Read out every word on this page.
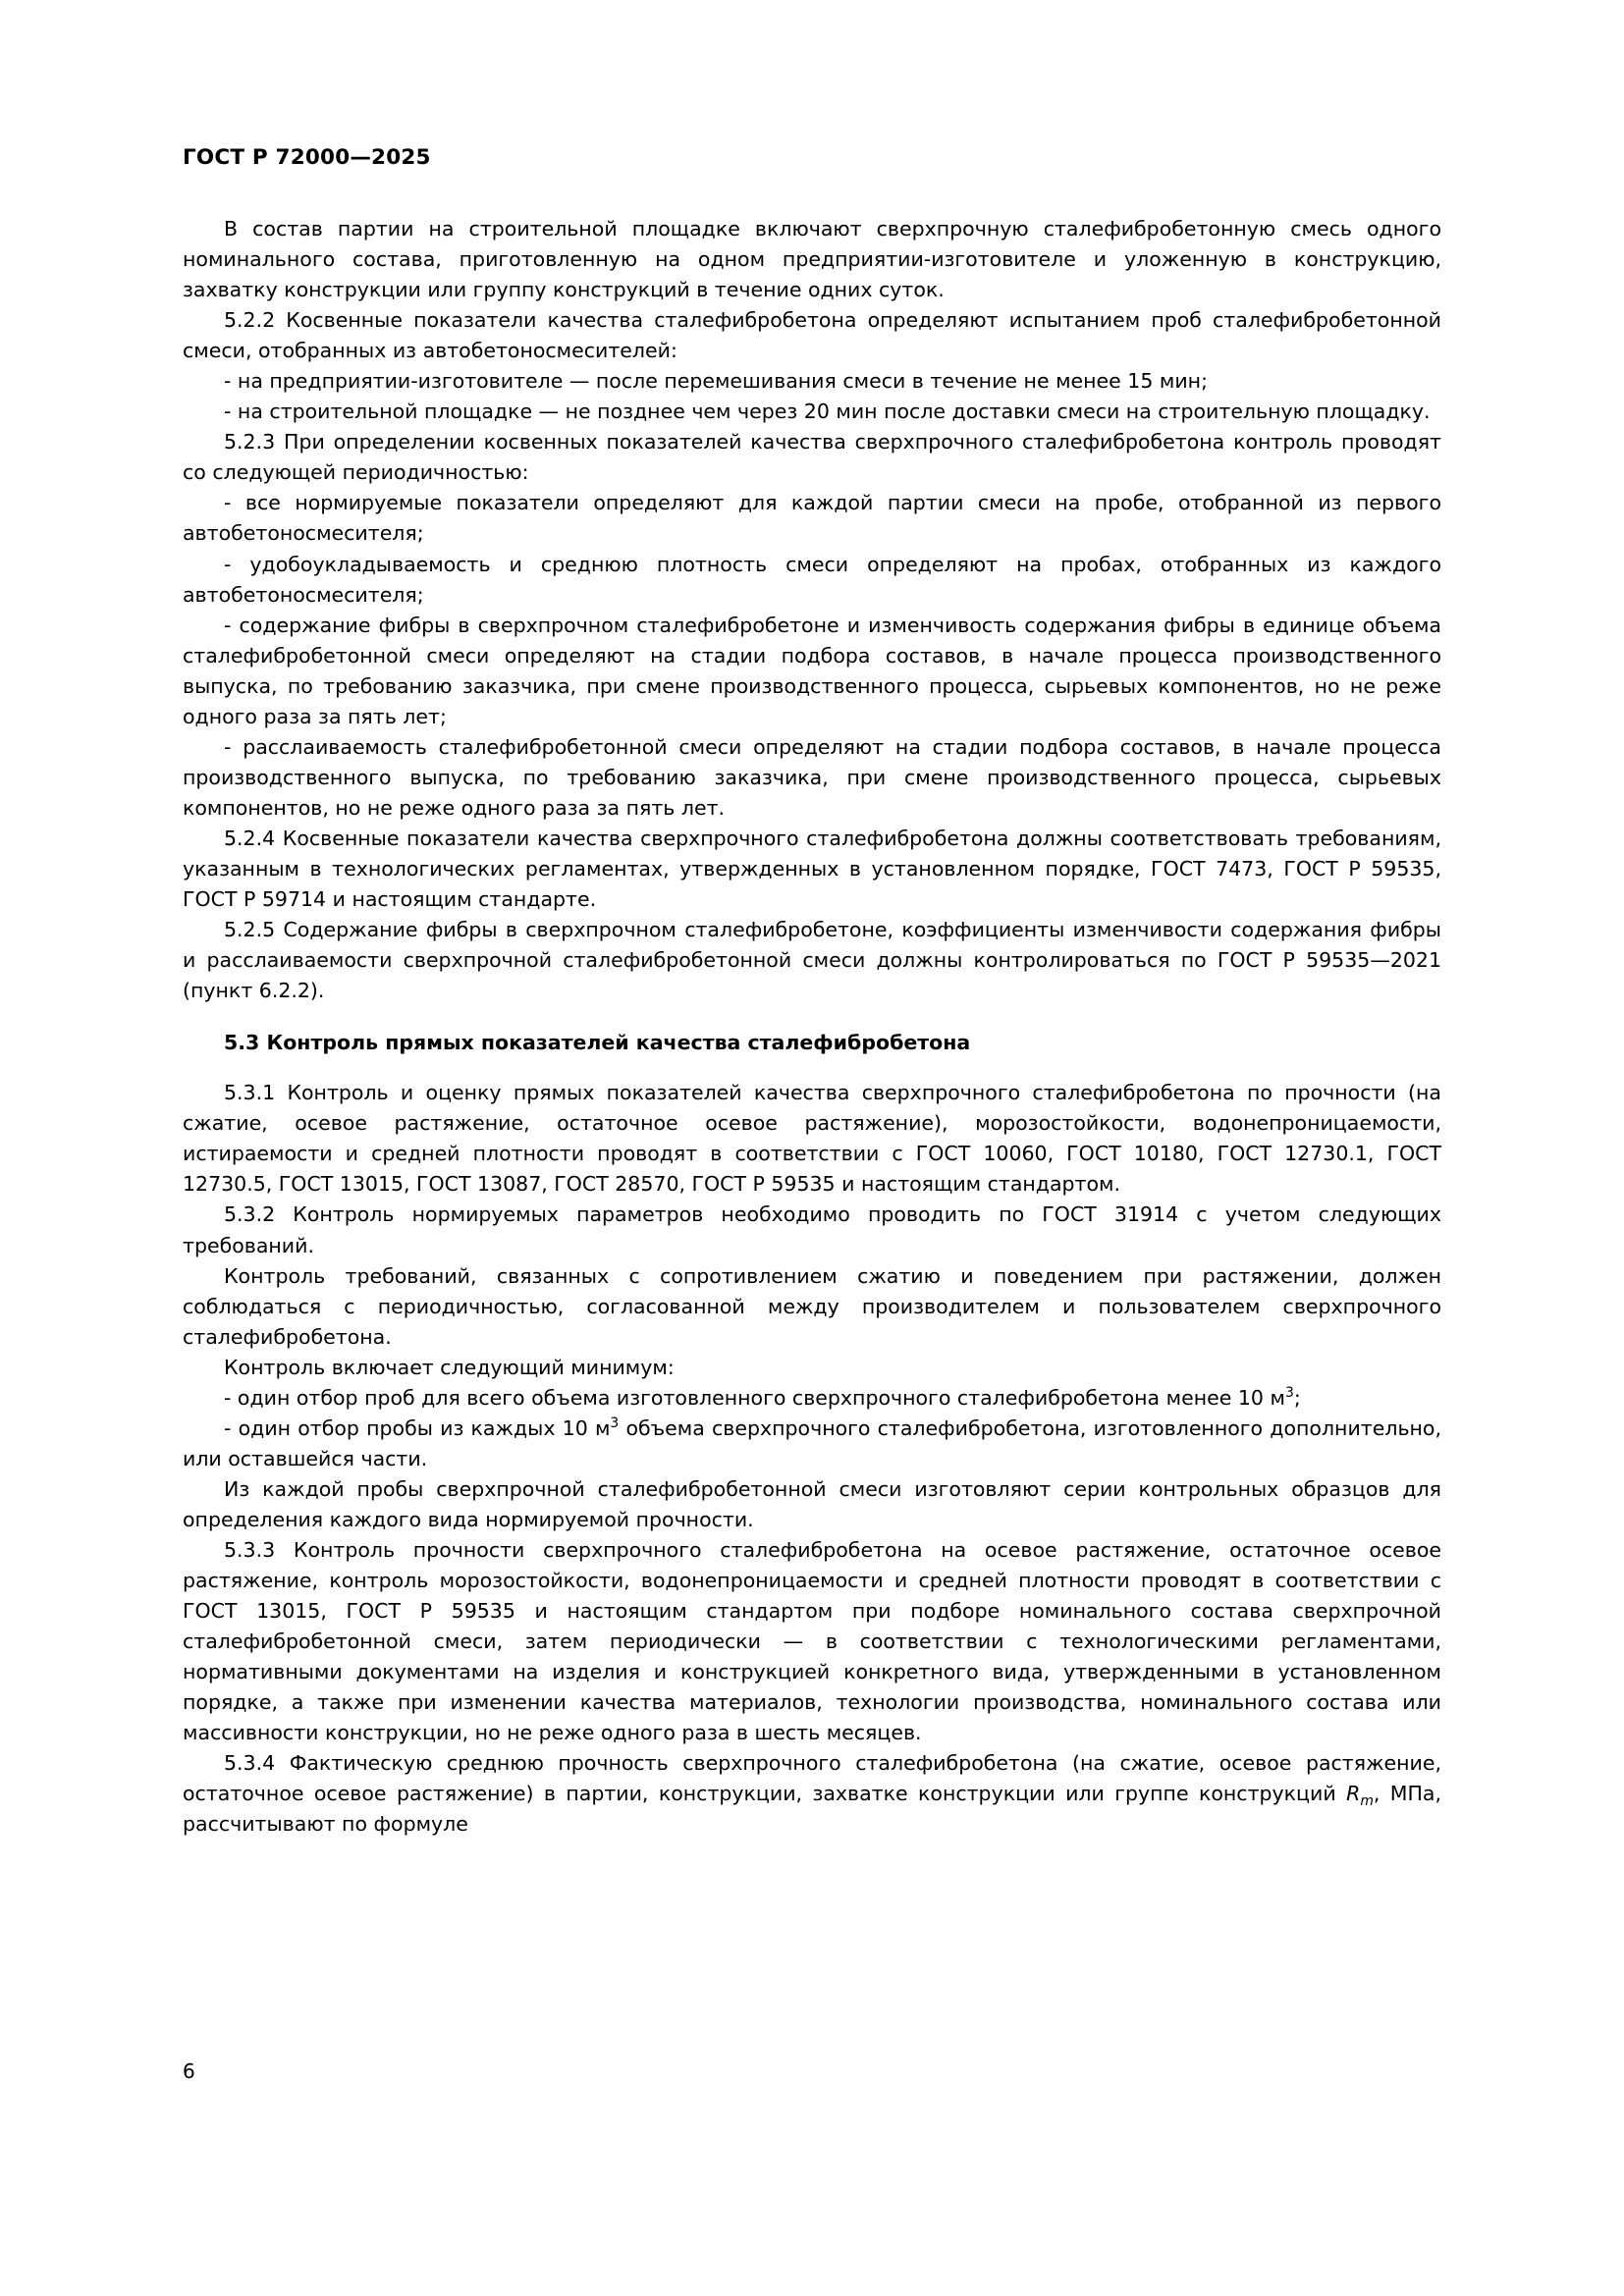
ГОСТ Р 72000—2025

В состав партии на строительной площадке включают сверхпрочную сталефибробетонную смесь одного номинального состава, приготовленную на одном предприятии-изготовителе и уложенную в конструкцию, захватку конструкции или группу конструкций в течение одних суток.

5.2.2 Косвенные показатели качества сталефибробетона определяют испытанием проб сталефибробетонной смеси, отобранных из автобетоносмесителей:

- на предприятии-изготовителе — после перемешивания смеси в течение не менее 15 мин;

- на строительной площадке — не позднее чем через 20 мин после доставки смеси на строительную площадку.

5.2.3 При определении косвенных показателей качества сверхпрочного сталефибробетона контроль проводят со следующей периодичностью:

- все нормируемые показатели определяют для каждой партии смеси на пробе, отобранной из первого автобетоносмесителя;

- удобоукладываемость и среднюю плотность смеси определяют на пробах, отобранных из каждого автобетоносмесителя;

- содержание фибры в сверхпрочном сталефибробетоне и изменчивость содержания фибры в единице объема сталефибробетонной смеси определяют на стадии подбора составов, в начале процесса производственного выпуска, по требованию заказчика, при смене производственного процесса, сырьевых компонентов, но не реже одного раза за пять лет;

- расслаиваемость сталефибробетонной смеси определяют на стадии подбора составов, в начале процесса производственного выпуска, по требованию заказчика, при смене производственного процесса, сырьевых компонентов, но не реже одного раза за пять лет.

5.2.4 Косвенные показатели качества сверхпрочного сталефибробетона должны соответствовать требованиям, указанным в технологических регламентах, утвержденных в установленном порядке, ГОСТ 7473, ГОСТ Р 59535, ГОСТ Р 59714 и настоящим стандарте.

5.2.5 Содержание фибры в сверхпрочном сталефибробетоне, коэффициенты изменчивости содержания фибры и расслаиваемости сверхпрочной сталефибробетонной смеси должны контролироваться по ГОСТ Р 59535—2021 (пункт 6.2.2).

5.3 Контроль прямых показателей качества сталефибробетона

5.3.1 Контроль и оценку прямых показателей качества сверхпрочного сталефибробетона по прочности (на сжатие, осевое растяжение, остаточное осевое растяжение), морозостойкости, водонепроницаемости, истираемости и средней плотности проводят в соответствии с ГОСТ 10060, ГОСТ 10180, ГОСТ 12730.1, ГОСТ 12730.5, ГОСТ 13015, ГОСТ 13087, ГОСТ 28570, ГОСТ Р 59535 и настоящим стандартом.

5.3.2 Контроль нормируемых параметров необходимо проводить по ГОСТ 31914 с учетом следующих требований.

Контроль требований, связанных с сопротивлением сжатию и поведением при растяжении, должен соблюдаться с периодичностью, согласованной между производителем и пользователем сверхпрочного сталефибробетона.

Контроль включает следующий минимум:

- один отбор проб для всего объема изготовленного сверхпрочного сталефибробетона менее 10 $м^3$;

- один отбор пробы из каждых 10 $м^3$ объема сверхпрочного сталефибробетона, изготовленного дополнительно, или оставшейся части.

Из каждой пробы сверхпрочной сталефибробетонной смеси изготовляют серии контрольных образцов для определения каждого вида нормируемой прочности.

5.3.3 Контроль прочности сверхпрочного сталефибробетона на осевое растяжение, остаточное осевое растяжение, контроль морозостойкости, водонепроницаемости и средней плотности проводят в соответствии с ГОСТ 13015, ГОСТ Р 59535 и настоящим стандартом при подборе номинального состава сверхпрочной сталефибробетонной смеси, затем периодически — в соответствии с технологическими регламентами, нормативными документами на изделия и конструкцией конкретного вида, утвержденными в установленном порядке, а также при изменении качества материалов, технологии производства, номинального состава или массивности конструкции, но не реже одного раза в шесть месяцев.

5.3.4 Фактическую среднюю прочность сверхпрочного сталефибробетона (на сжатие, осевое растяжение, остаточное осевое растяжение) в партии, конструкции, захватке конструкции или группе конструкций $R_m$, МПа, рассчитывают по формуле

6
